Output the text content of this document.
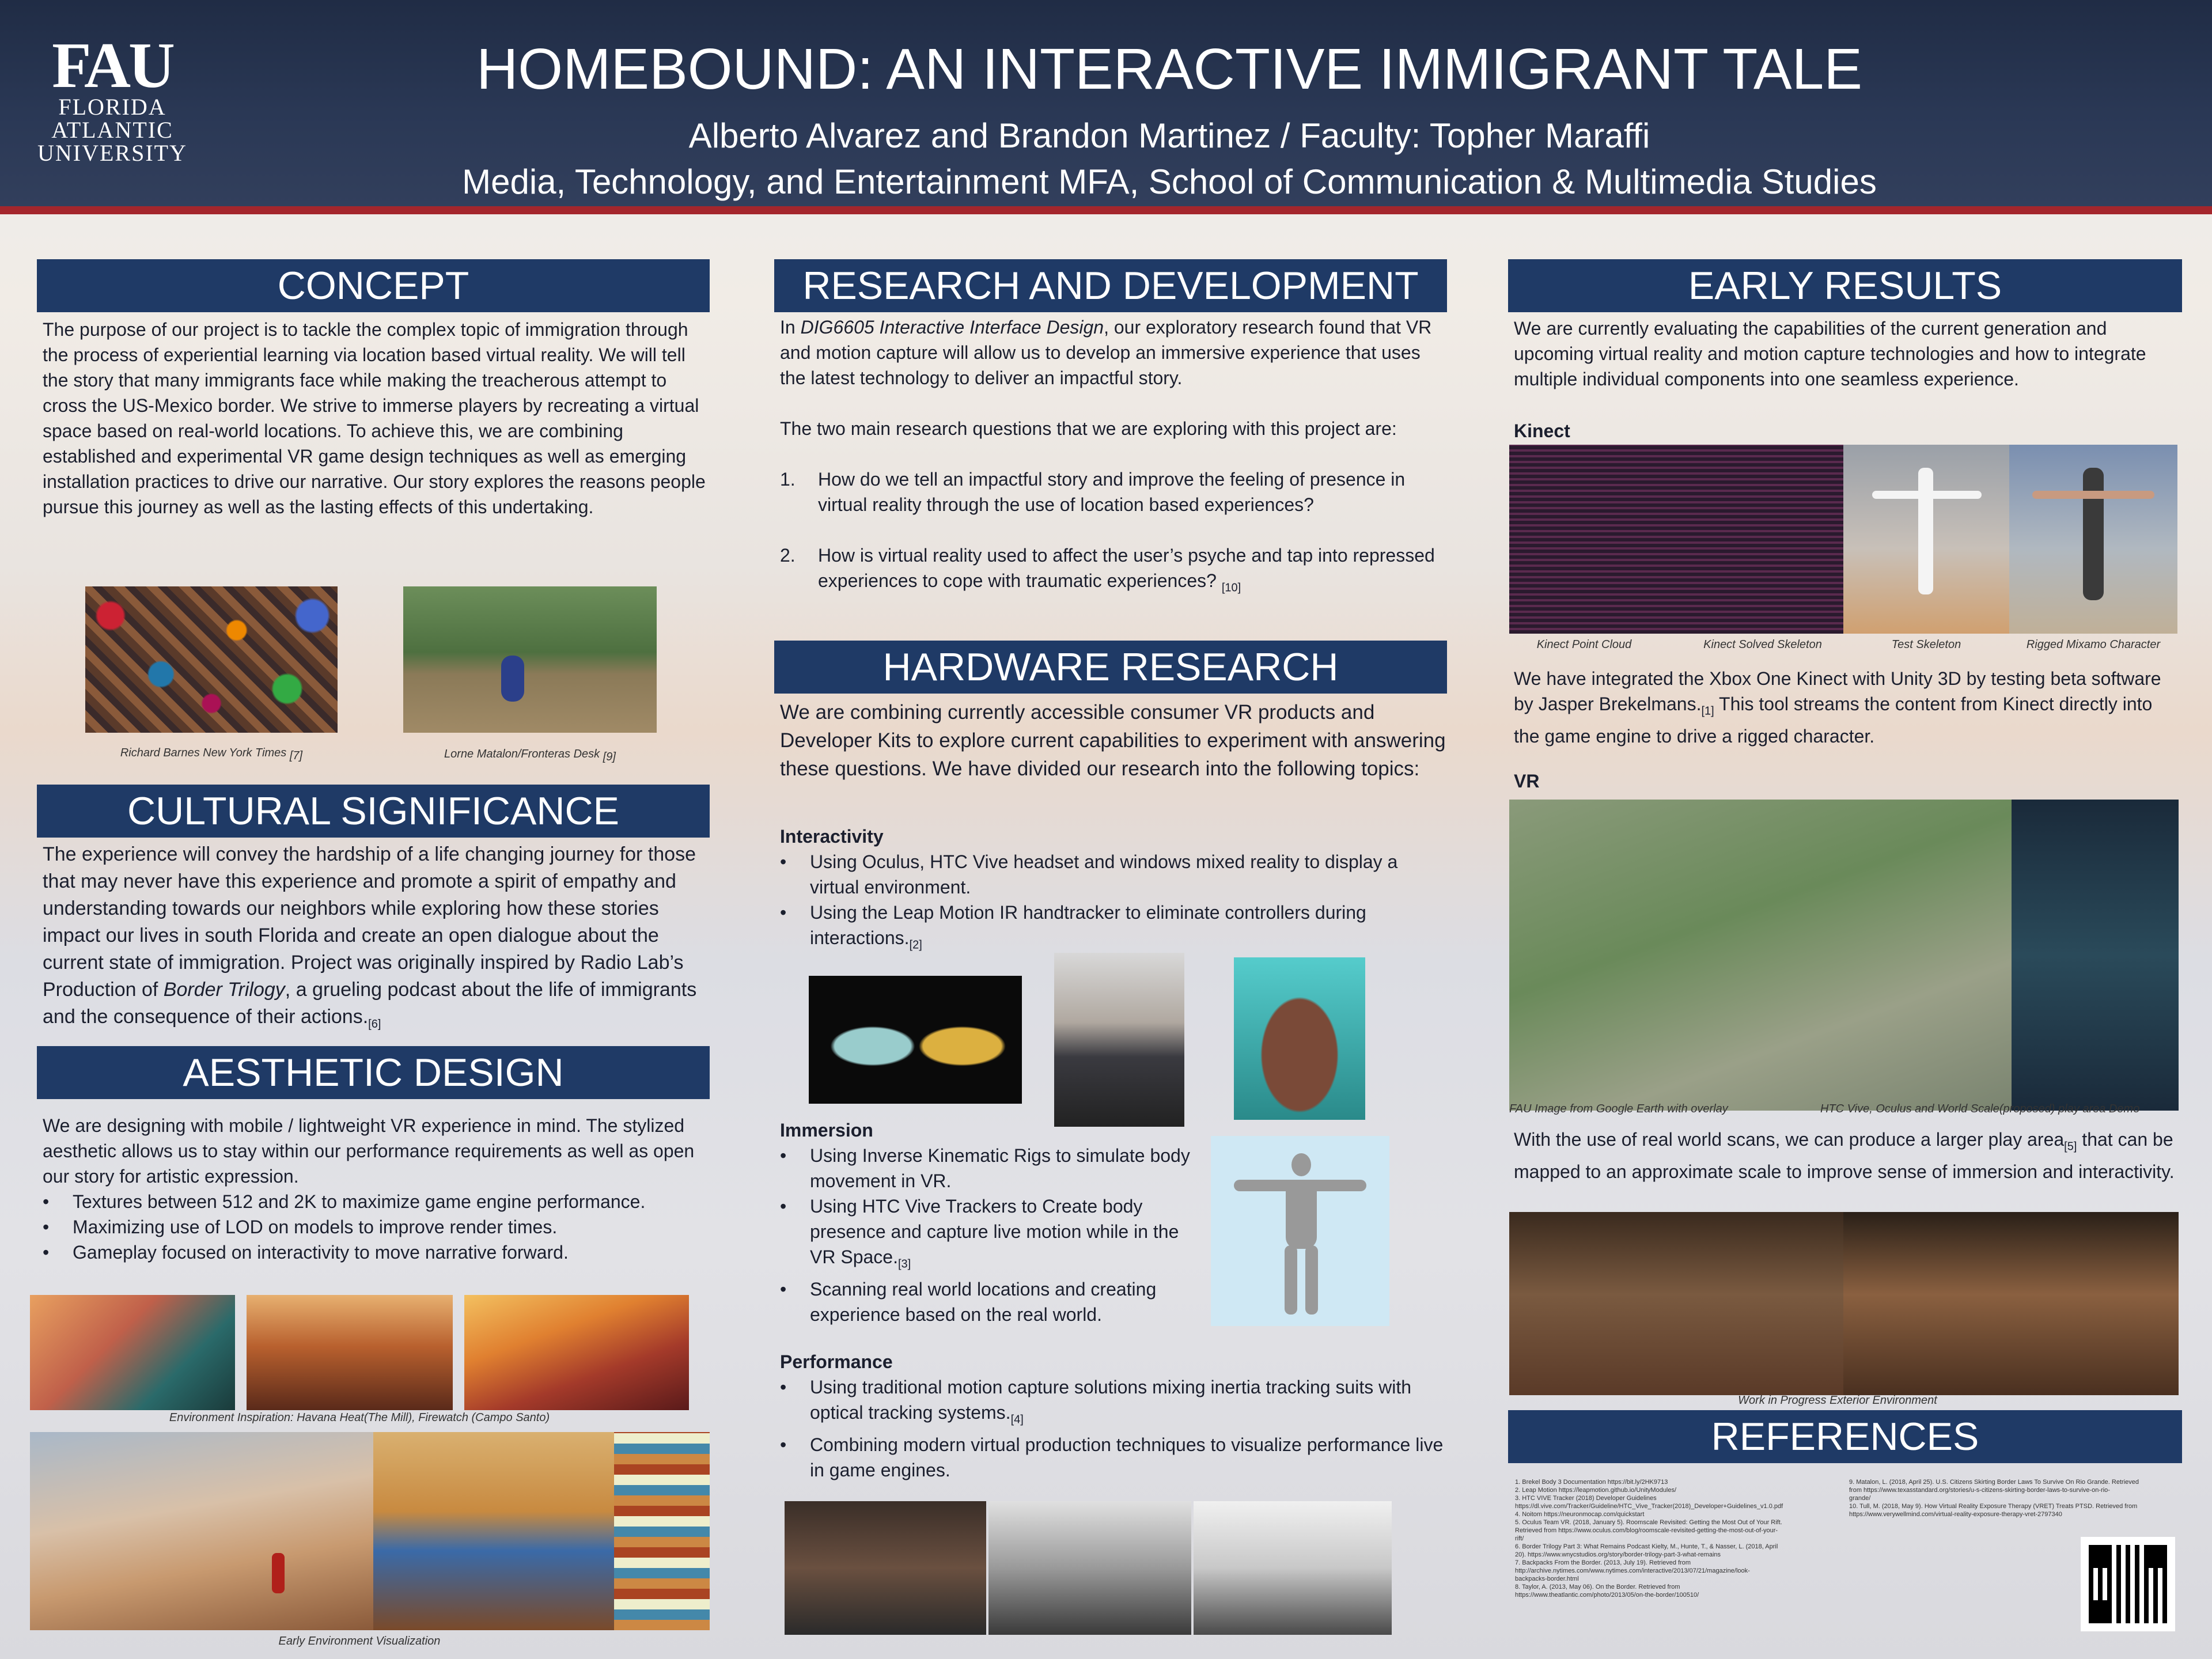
FAU
FLORIDA
ATLANTIC
UNIVERSITY
HOMEBOUND: AN INTERACTIVE IMMIGRANT TALE
Alberto Alvarez and Brandon Martinez / Faculty: Topher Maraffi
Media, Technology, and Entertainment MFA, School of Communication & Multimedia Studies
CONCEPT
The purpose of our project is to tackle the complex topic of immigration through the process of experiential learning via location based virtual reality. We will tell the story that many immigrants face while making the treacherous attempt to cross the US-Mexico border. We strive to immerse players by recreating a virtual space based on real-world locations. To achieve this, we are combining established and experimental VR game design techniques as well as emerging installation practices to drive our narrative. Our story explores the reasons people pursue this journey as well as the lasting effects of this undertaking.
Richard Barnes New York Times [7]	Lorne Matalon/Fronteras Desk [9]
CULTURAL SIGNIFICANCE
The experience will convey the hardship of a life changing journey for those that may never have this experience and promote a spirit of empathy and understanding towards our neighbors while exploring how these stories impact our lives in south Florida and create an open dialogue about the current state of immigration. Project was originally inspired by Radio Lab’s Production of Border Trilogy, a grueling podcast about the life of immigrants and the consequence of their $actions._{[6]}$
AESTHETIC DESIGN

We are designing with mobile / lightweight VR experience in mind. The stylized aesthetic allows us to stay within our performance requirements as well as open our story for artistic expression.

• Textures between 512 and 2K to maximize game engine performance.
• Maximizing use of LOD on models to improve render times.
• Gameplay focused on interactivity to move narrative forward.
Environment Inspiration: Havana Heat(The Mill), Firewatch (Campo Santo)
Early Environment Visualization
RESEARCH AND DEVELOPMENT

In DIG6605 Interactive Interface Design, our exploratory research found that VR and motion capture will allow us to develop an immersive experience that uses the latest technology to deliver an impactful story.

The two main research questions that we are exploring with this project are:

1. How do we tell an impactful story and improve the feeling of presence in virtual reality through the use of location based experiences?
2. How is virtual reality used to affect the user’s psyche and tap into repressed experiences to cope with traumatic experiences? $_{[10]}$
HARDWARE RESEARCH
We are combining currently accessible consumer VR products and Developer Kits to explore current capabilities to experiment with answering these questions. We have divided our research into the following topics:
Interactivity
• Using Oculus, HTC Vive headset and windows mixed reality to display a virtual environment.
• Using the Leap Motion IR handtracker to eliminate controllers during $interactions._{[2]}$
Immersion
• Using Inverse Kinematic Rigs to simulate body movement in VR.
• Using HTC Vive Trackers to Create body presence and capture live motion while in the VR $Space._{[3]}$
• Scanning real world locations and creating experience based on the real world.
Performance
• Using traditional motion capture solutions mixing inertia tracking suits with optical tracking $systems._{[4]}$
• Combining modern virtual production techniques to visualize performance live in game engines.
EARLY RESULTS
We are currently evaluating the capabilities of the current generation and upcoming virtual reality and motion capture technologies and how to integrate multiple individual components into one seamless experience.
Kinect
Kinect Point Cloud	Kinect Solved Skeleton	Test Skeleton	Rigged Mixamo Character
We have integrated the Xbox One Kinect with Unity 3D by testing beta software by Jasper $Brekelmans._{[1]}$ This tool streams the content from Kinect directly into the game engine to drive a rigged character.
VR
FAU Image from Google Earth with overlay	HTC Vive, Oculus and World Scale(proposed) play area Demo
With the use of real world scans, we can produce a larger play area$_{[5]}$ that can be mapped to an approximate scale to improve sense of immersion and interactivity.
Work in Progress Exterior Environment
REFERENCES
1. Brekel Body 3 Documentation https://bit.ly/2HK9713
2. Leap Motion https://leapmotion.github.io/UnityModules/
3. HTC VIVE Tracker (2018) Developer Guidelines
https://dl.vive.com/Tracker/Guideline/HTC_Vive_Tracker(2018)_Developer+Guidelines_v1.0.pdf
4. Noitom https://neuronmocap.com/quickstart
5. Oculus Team VR. (2018, January 5). Roomscale Revisited: Getting the Most Out of Your Rift.
Retrieved from https://www.oculus.com/blog/roomscale-revisited-getting-the-most-out-of-your-
rift/
6. Border Trilogy Part 3: What Remains Podcast Kielty, M., Hunte, T., & Nasser, L. (2018, April
20). https://www.wnycstudios.org/story/border-trilogy-part-3-what-remains
7. Backpacks From the Border. (2013, July 19). Retrieved from
http://archive.nytimes.com/www.nytimes.com/interactive/2013/07/21/magazine/look-
backpacks-border.html
8. Taylor, A. (2013, May 06). On the Border. Retrieved from
https://www.theatlantic.com/photo/2013/05/on-the-border/100510/
9. Matalon, L. (2018, April 25). U.S. Citizens Skirting Border Laws To Survive On Rio Grande. Retrieved
from https://www.texasstandard.org/stories/u-s-citizens-skirting-border-laws-to-survive-on-rio-
grande/
10. Tull, M. (2018, May 9). How Virtual Reality Exposure Therapy (VRET) Treats PTSD. Retrieved from
https://www.verywellmind.com/virtual-reality-exposure-therapy-vret-2797340
